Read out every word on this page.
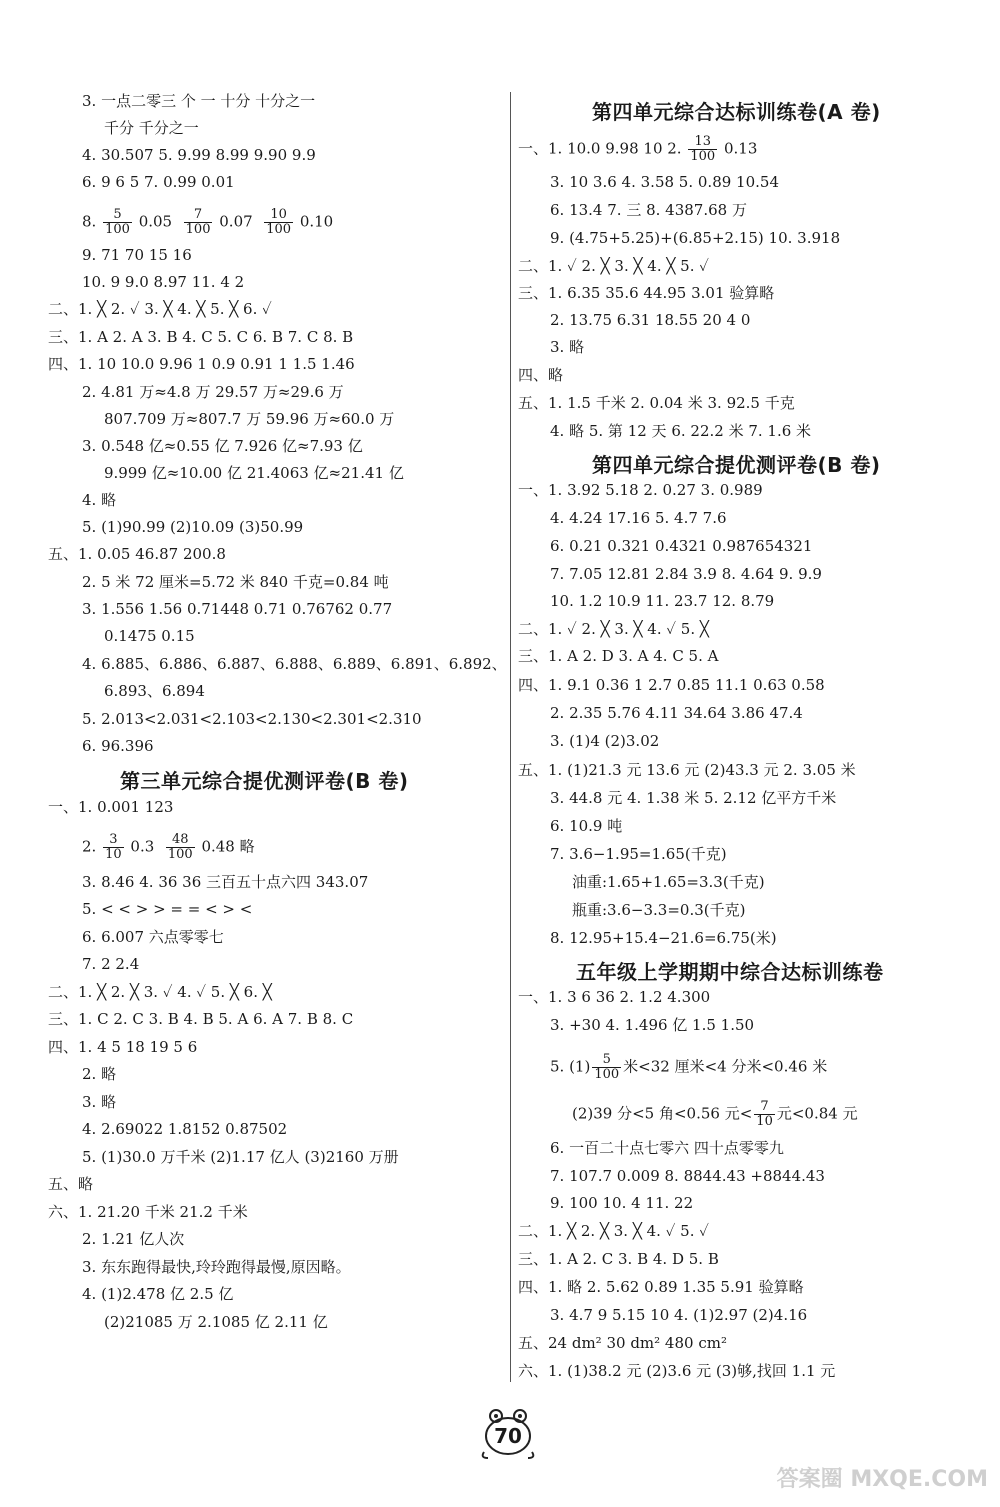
3. 一点二零三 个 一 十分 十分之一
千分 千分之一
4. 30.507 5. 9.99 8.99 9.90 9.9
6. 9 6 5 7. 0.99 0.01
8. $\frac{5}{100} 0.05 \frac{7}{100} 0.07 \frac{10}{100} 0.10$
9. 71 70 15 16
10. 9 9.0 8.97 11. 4 2
二、1. ╳ 2. ✓ 3. ╳ 4. ╳ 5. ╳ 6. ✓
三、1. A 2. A 3. B 4. C 5. C 6. B 7. C 8. B
四、1. 10 10.0 9.96 1 0.9 0.91 1 1.5 1.46
2. 4.81 万≈4.8 万 29.57 万≈29.6 万
807.709 万≈807.7 万 59.96 万≈60.0 万
3. 0.548 亿≈0.55 亿 7.926 亿≈7.93 亿
9.999 亿≈10.00 亿 21.4063 亿≈21.41 亿
4. 略
5. (1)90.99 (2)10.09 (3)50.99
五、1. 0.05 46.87 200.8
2. 5 米 72 厘米=5.72 米 840 千克=0.84 吨
3. 1.556 1.56 0.71448 0.71 0.76762 0.77
0.1475 0.15
4. 6.885、6.886、6.887、6.888、6.889、6.891、6.892、
6.893、6.894
5. 2.013<2.031<2.103<2.130<2.301<2.310
6. 96.396
第三单元综合提优测评卷(B 卷)
一、1. 0.001 123
2. $\frac{3}{10} 0.3 \frac{48}{100} 0.48$ 略
3. 8.46 4. 36 36 三百五十点六四 343.07
5. < < > > = = < > <
6. 6.007 六点零零七
7. 2 2.4
二、1. ╳ 2. ╳ 3. ✓ 4. ✓ 5. ╳ 6. ╳
三、1. C 2. C 3. B 4. B 5. A 6. A 7. B 8. C
四、1. 4 5 18 19 5 6
2. 略
3. 略
4. 2.69022 1.8152 0.87502
5. (1)30.0 万千米 (2)1.17 亿人 (3)2160 万册
五、略
六、1. 21.20 千米 21.2 千米
2. 1.21 亿人次
3. 东东跑得最快,玲玲跑得最慢,原因略。
4. (1)2.478 亿 2.5 亿
(2)21085 万 2.1085 亿 2.11 亿
第四单元综合达标训练卷(A 卷)
一、1. 10.0 9.98 10 2. $\frac{13}{100} 0.13$
3. 10 3.6 4. 3.58 5. 0.89 10.54
6. 13.4 7. 三 8. 4387.68 万
9. (4.75+5.25)+(6.85+2.15) 10. 3.918
二、1. ✓ 2. ╳ 3. ╳ 4. ╳ 5. ✓
三、1. 6.35 35.6 44.95 3.01 验算略
2. 13.75 6.31 18.55 20 4 0
3. 略
四、略
五、1. 1.5 千米 2. 0.04 米 3. 92.5 千克
4. 略 5. 第 12 天 6. 22.2 米 7. 1.6 米
第四单元综合提优测评卷(B 卷)
一、1. 3.92 5.18 2. 0.27 3. 0.989
4. 4.24 17.16 5. 4.7 7.6
6. 0.21 0.321 0.4321 0.987654321
7. 7.05 12.81 2.84 3.9 8. 4.64 9. 9.9
10. 1.2 10.9 11. 23.7 12. 8.79
二、1. ✓ 2. ╳ 3. ╳ 4. ✓ 5. ╳
三、1. A 2. D 3. A 4. C 5. A
四、1. 9.1 0.36 1 2.7 0.85 11.1 0.63 0.58
2. 2.35 5.76 4.11 34.64 3.86 47.4
3. (1)4 (2)3.02
五、1. (1)21.3 元 13.6 元 (2)43.3 元 2. 3.05 米
3. 44.8 元 4. 1.38 米 5. 2.12 亿平方千米
6. 10.9 吨
7. 3.6−1.95=1.65(千克)
油重:1.65+1.65=3.3(千克)
瓶重:3.6−3.3=0.3(千克)
8. 12.95+15.4−21.6=6.75(米)
五年级上学期期中综合达标训练卷
一、1. 3 6 36 2. 1.2 4.300
3. +30 4. 1.496 亿 1.5 1.50
5. $(1) \frac{5}{100}$ 米<32 厘米<4 分米<0.46 米
(2)39 分<5 角<0.56 元< $\frac{7}{10}$ 元<0.84 元
6. 一百二十点七零六 四十点零零九
7. 107.7 0.009 8. 8844.43 +8844.43
9. 100 10. 4 11. 22
二、1. ╳ 2. ╳ 3. ╳ 4. ✓ 5. ✓
三、1. A 2. C 3. B 4. D 5. B
四、1. 略 2. 5.62 0.89 1.35 5.91 验算略
3. 4.7 9 5.15 10 4. (1)2.97 (2)4.16
五、24 dm² 30 dm² 480 cm²
六、1. (1)38.2 元 (2)3.6 元 (3)够,找回 1.1 元
70
答案圈 MXQE.COM
